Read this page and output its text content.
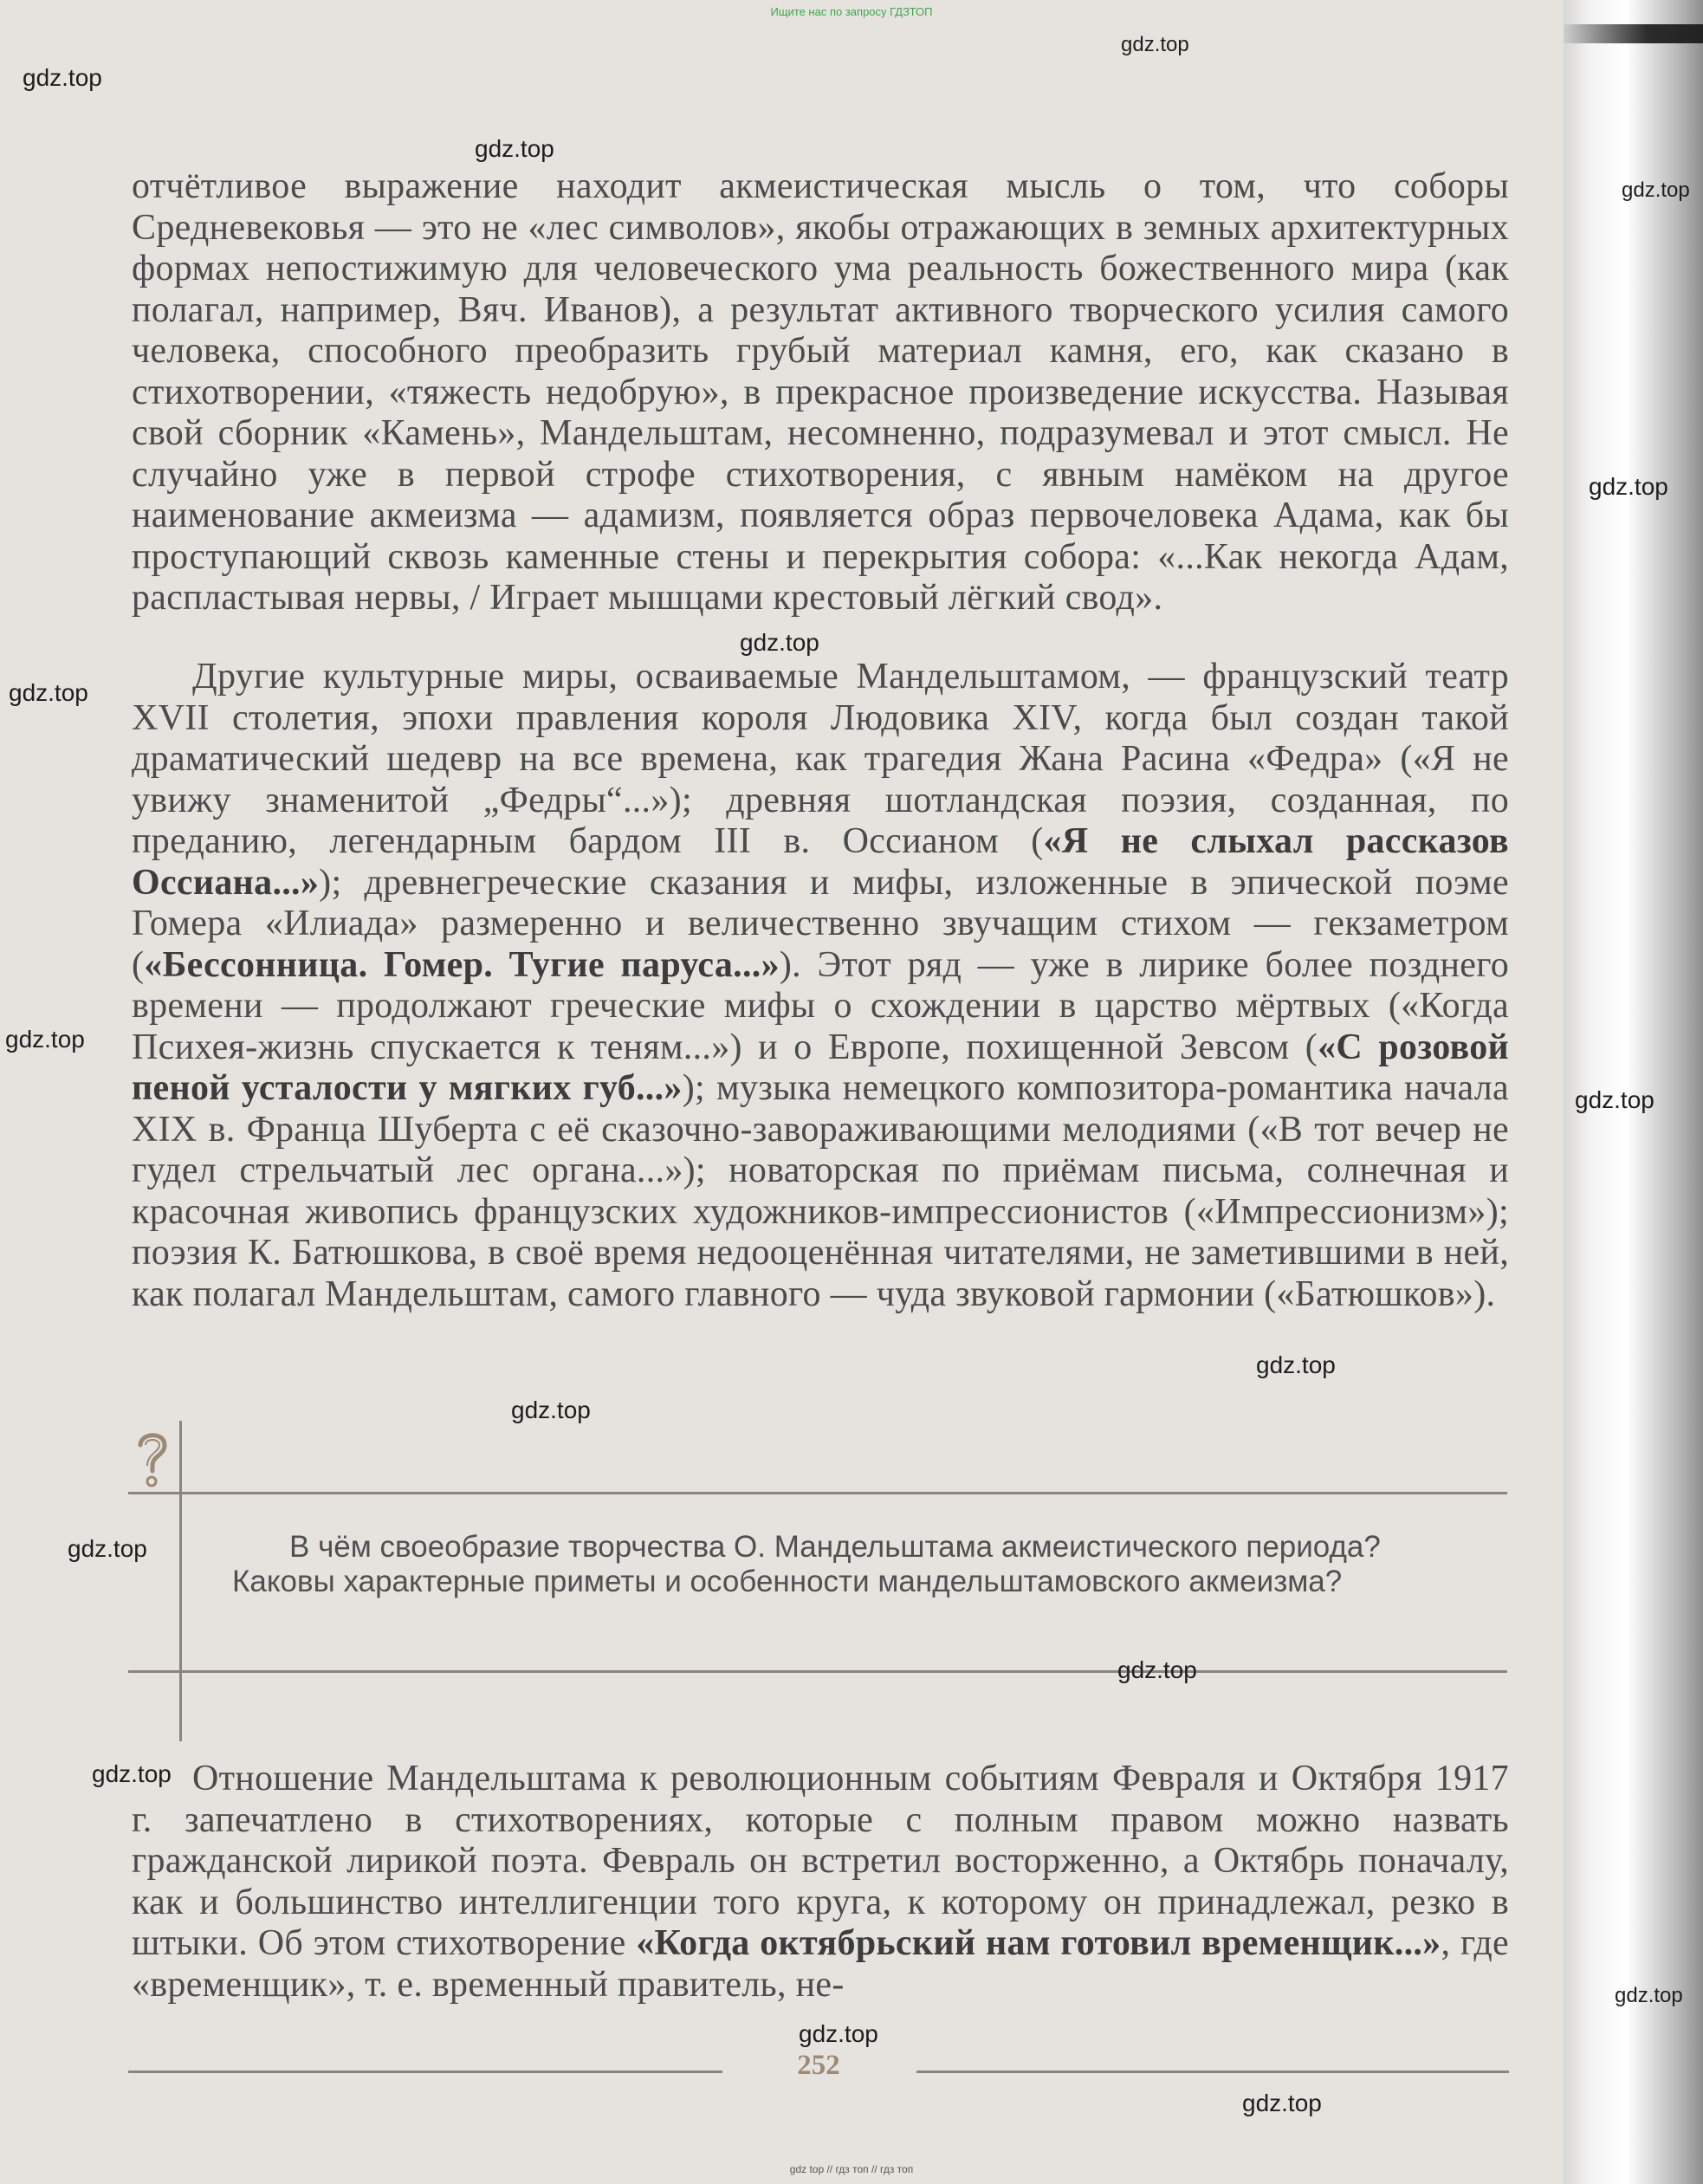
Ищите нас по запросу ГДЗТОП

отчётливое выражение находит акмеистическая мысль о том, что соборы Средневековья — это не «лес символов», якобы отражающих в земных архитектурных формах непостижимую для человеческого ума реальность божественного мира (как полагал, например, Вяч. Иванов), а результат активного творческого усилия самого человека, способного преобразить грубый материал камня, его, как сказано в стихотворении, «тяжесть недобрую», в прекрасное произведение искусства. Называя свой сборник «Камень», Мандельштам, несомненно, подразумевал и этот смысл. Не случайно уже в первой строфе стихотворения, с явным намёком на другое наименование акмеизма — адамизм, появляется образ первочеловека Адама, как бы проступающий сквозь каменные стены и перекрытия собора: «...Как некогда Адам, распластывая нервы, / Играет мышцами крестовый лёгкий свод».

Другие культурные миры, осваиваемые Мандельштамом, — французский театр XVII столетия, эпохи правления короля Людовика XIV, когда был создан такой драматический шедевр на все времена, как трагедия Жана Расина «Федра» («Я не увижу знаменитой „Федры“...»); древняя шотландская поэзия, созданная, по преданию, легендарным бардом III в. Оссианом («Я не слыхал рассказов Оссиана...»); древнегреческие сказания и мифы, изложенные в эпической поэме Гомера «Илиада» размеренно и величественно звучащим стихом — гекзаметром («Бессонница. Гомер. Тугие паруса...»). Этот ряд — уже в лирике более позднего времени — продолжают греческие мифы о схождении в царство мёртвых («Когда Психея-жизнь спускается к теням...») и о Европе, похищенной Зевсом («С розовой пеной усталости у мягких губ...»); музыка немецкого композитора-романтика начала XIX в. Франца Шуберта с её сказочно-завораживающими мелодиями («В тот вечер не гудел стрельчатый лес органа...»); новаторская по приёмам письма, солнечная и красочная живопись французских художников-импрессионистов («Импрессионизм»); поэзия К. Батюшкова, в своё время недооценённая читателями, не заметившими в ней, как полагал Мандельштам, самого главного — чуда звуковой гармонии («Батюшков»).

В чём своеобразие творчества О. Мандельштама акмеистического периода? Каковы характерные приметы и особенности мандельштамовского акмеизма?

Отношение Мандельштама к революционным событиям Февраля и Октября 1917 г. запечатлено в стихотворениях, которые с полным правом можно назвать гражданской лирикой поэта. Февраль он встретил восторженно, а Октябрь поначалу, как и большинство интеллигенции того круга, к которому он принадлежал, резко в штыки. Об этом стихотворение «Когда октябрьский нам готовил временщик...», где «временщик», т. е. временный правитель, не-

252
gdz top // гдз топ // гдз топ
gdz.top
gdz.top
gdz.top
gdz.top
gdz.top
gdz.top
gdz.top
gdz.top
gdz.top
gdz.top
gdz.top
gdz.top
gdz.top
gdz.top
gdz.top
gdz.top
gdz.top
